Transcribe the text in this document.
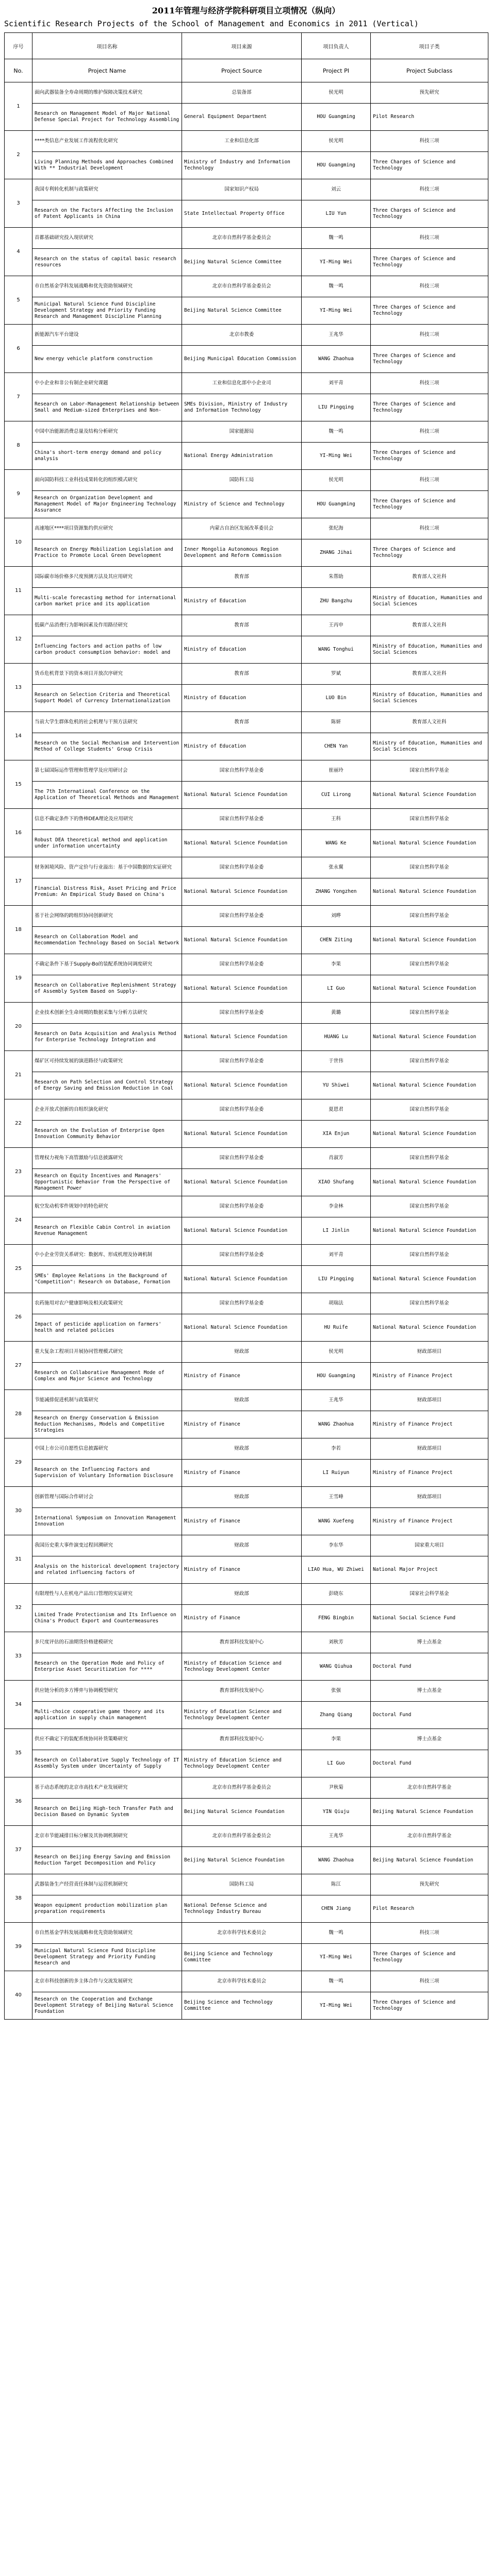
2011年管理与经济学院科研项目立项情况（纵向）
Scientific Research Projects of the School of Management and Economics in 2011 (Vertical)
序号	项目名称	项目来源	项目负责人	项目子类
No.	Project Name	Project Source	Project PI	Project Subclass
1	面向武器装备全寿命周期的维护保障决策技术研究	总装备部	侯光明	预先研究
	Research on Management Model of Major National Defense Special Project for Technology Assembling	General Equipment Department	HOU Guangming	Pilot Research
2	****类信息产业发展工作流程优化研究	工业和信息化部	侯光明	科技三项
	Living Planning Methods and Approaches Combined With ** Industrial Development	Ministry of Industry and Information Technology	HOU Guangming	Three Charges of Science and Technology
3	我国专利转化机制与政策研究	国家知识产权局	刘云	科技三项
	Research on the Factors Affecting the Inclusion of Patent Applicants in China	State Intellectual Property Office	LIU Yun	Three Charges of Science and Technology
4	首都基础研究投入现状研究	北京市自然科学基金委员会	魏一鸣	科技三项
	Research on the status of capital basic research resources	Beijing Natural Science Committee	YI-Ming Wei	Three Charges of Science and Technology
5	市自然基金学科发展战略和优先资助领域研究	北京市自然科学基金委员会	魏一鸣	科技三项
	Municipal Natural Science Fund Discipline Development Strategy and Priority Funding Research and Management Discipline Planning	Beijing Natural Science Committee	YI-Ming Wei	Three Charges of Science and Technology
6	新能源汽车平台建设	北京市教委	王兆华	科技三项
	New energy vehicle platform construction	Beijing Municipal Education Commission	WANG Zhaohua	Three Charges of Science and Technology
7	中小企业和非公有制企业研究课题	工业和信息化部中小企业司	刘平青	科技三项
	Research on Labor-Management Relationship between Small and Medium-sized Enterprises and Non-	SMEs Division, Ministry of Industry and Information Technology	LIU Pingqing	Three Charges of Science and Technology
8	中国中冶能源消费总量及结构分析研究	国家能源局	魏一鸣	科技三项
	China's short-term energy demand and policy analysis	National Energy Administration	YI-Ming Wei	Three Charges of Science and Technology
9	面向国防科技工业科技成果转化的组织模式研究	国防科工局	侯光明	科技三项
	Research on Organization Development and Management Model of Major Engineering Technology Assurance	Ministry of Science and Technology	HOU Guangming	Three Charges of Science and Technology
10	高速地区****项目资源集约供应研究	内蒙古自治区发展改革委员会	张纪海	科技三项
	Research on Energy Mobilization Legislation and Practice to Promote Local Green Development	Inner Mongolia Autonomous Region Development and Reform Commission	ZHANG Jihai	Three Charges of Science and Technology
11	国际碳市场价格多尺度预测方法及其应用研究	教育部	朱帮助	教育部人文社科
	Multi-scale forecasting method for international carbon market price and its application	Ministry of Education	ZHU Bangzhu	Ministry of Education, Humanities and Social Sciences
12	低碳产品消费行为影响因素及作用路径研究	教育部	王丙申	教育部人文社科
	Influencing factors and action paths of low carbon product consumption behavior: model and	Ministry of Education	WANG Tonghui	Ministry of Education, Humanities and Social Sciences
13	货币危机背景下的资本项目开放次序研究	教育部	罗斌	教育部人文社科
	Research on Selection Criteria and Theoretical Support Model of Currency Internationalization	Ministry of Education	LUO Bin	Ministry of Education, Humanities and Social Sciences
14	当前大学生群体危机的社会机理与干预方法研究	教育部	陈妍	教育部人文社科
	Research on the Social Mechanism and Intervention Method of College Students' Group Crisis	Ministry of Education	CHEN Yan	Ministry of Education, Humanities and Social Sciences
15	第七届国际运作管理和管理学及应用研讨会	国家自然科学基金委	崔丽玲	国家自然科学基金
	The 7th International Conference on the Application of Theoretical Methods and Management	National Natural Science Foundation	CUI Lirong	National Natural Science Foundation
16	信息不确定条件下的鲁棒DEA理论及应用研究	国家自然科学基金委	王科	国家自然科学基金
	Robust DEA theoretical method and application under information uncertainty	National Natural Science Foundation	WANG Ke	National Natural Science Foundation
17	财务困境风险、资产定价与行业溢出：基于中国数据的实证研究	国家自然科学基金委	张永翼	国家自然科学基金
	Financial Distress Risk, Asset Pricing and Price Premium: An Empirical Study Based on China's	National Natural Science Foundation	ZHANG Yongzhen	National Natural Science Foundation
18	基于社会网络的跨组织协同创新研究	国家自然科学基金委	刘晔	国家自然科学基金
	Research on Collaboration Model and Recommendation Technology Based on Social Network	National Natural Science Foundation	CHEN Ziting	National Natural Science Foundation
19	不确定条件下基于Supply-Bo的装配系统协同调度研究	国家自然科学基金委	李果	国家自然科学基金
	Research on Collaborative Replenishment Strategy of Assembly System Based on Supply-	National Natural Science Foundation	LI Guo	National Natural Science Foundation
20	企业技术创新全生命周期的数据采集与分析方法研究	国家自然科学基金委	黄璐	国家自然科学基金
	Research on Data Acquisition and Analysis Method for Enterprise Technology Integration and	National Natural Science Foundation	HUANG Lu	National Natural Science Foundation
21	煤矿区可持续发展的演进路径与政策研究	国家自然科学基金委	于世伟	国家自然科学基金
	Research on Path Selection and Control Strategy of Energy Saving and Emission Reduction in Coal	National Natural Science Foundation	YU Shiwei	National Natural Science Foundation
22	企业开放式创新的自组织演化研究	国家自然科学基金委	夏恩君	国家自然科学基金
	Research on the Evolution of Enterprise Open Innovation Community Behavior	National Natural Science Foundation	XIA Enjun	National Natural Science Foundation
23	管理权力视角下高管激励与信息披露研究	国家自然科学基金委	肖淑芳	国家自然科学基金
	Research on Equity Incentives and Managers' Opportunistic Behavior from the Perspective of Management Power	National Natural Science Foundation	XIAO Shufang	National Natural Science Foundation
24	航空发动机零件规划中的特色研究	国家自然科学基金委	李金林	国家自然科学基金
	Research on Flexible Cabin Control in aviation Revenue Management	National Natural Science Foundation	LI Jinlin	National Natural Science Foundation
25	中小企业劳资关系研究：数据库、形成机理及协调机制	国家自然科学基金委	刘平青	国家自然科学基金
	SMEs' Employee Relations in the Background of "Competition": Research on Database, Formation	National Natural Science Foundation	LIU Pingqing	National Natural Science Foundation
26	农药施用对农户健康影响及相关政策研究	国家自然科学基金委	胡瑞法	国家自然科学基金
	Impact of pesticide application on farmers' health and related policies	National Natural Science Foundation	HU Ruife	National Natural Science Foundation
27	重大复杂工程项目开展协同管理模式研究	财政部	侯光明	财政部项目
	Research on Collaborative Management Mode of Complex and Major Science and Technology	Ministry of Finance	HOU Guangming	Ministry of Finance Project
28	节能减排促进机制与政策研究	财政部	王兆华	财政部项目
	Research on Energy Conservation & Emission Reduction Mechanisms, Models and Competitive Strategies	Ministry of Finance	WANG Zhaohua	Ministry of Finance Project
29	中国上市公司自愿性信息披露研究	财政部	李若	财政部项目
	Research on the Influencing Factors and Supervision of Voluntary Information Disclosure	Ministry of Finance	LI Ruiyun	Ministry of Finance Project
30	创新管理与国际合作研讨会	财政部	王雪峰	财政部项目
	International Symposium on Innovation Management Innovation	Ministry of Finance	WANG Xuefeng	Ministry of Finance Project
31	我国历史重大事件演变过程回溯研究	财政部	李东华	国家重大项目
	Analysis on the historical development trajectory and related influencing factors of	Ministry of Finance	LIAO Hua, WU Zhiwei	National Major Project
32	有限理性与人在机电产品出口管理的实证研究	财政部	彭晓东	国家社会科学基金
	Limited Trade Protectionism and Its Influence on China's Product Export and Countermeasures	Ministry of Finance	FENG Bingbin	National Social Science Fund
33	多尺度评估的石油期货价格建模研究	教育部科技发展中心	刘秋芳	博士点基金
	Research on the Operation Mode and Policy of Enterprise Asset Securitization for ****	Ministry of Education Science and Technology Development Center	WANG Qiuhua	Doctoral Fund
34	供应链分析的多方博弈与协调模型研究	教育部科技发展中心	张强	博士点基金
	Multi-choice cooperative game theory and its application in supply chain management	Ministry of Education Science and Technology Development Center	Zhang Qiang	Doctoral Fund
35	供应不确定下的装配系统协同补货策略研究	教育部科技发展中心	李果	博士点基金
	Research on Collaborative Supply Technology of IT Assembly System under Uncertainty of Supply	Ministry of Education Science and Technology Development Center	LI Guo	Doctoral Fund
36	基于动态系统的北京市高技术产业发展研究	北京市自然科学基金委员会	尹秋菊	北京市自然科学基金
	Research on Beijing High-tech Transfer Path and Decision Based on Dynamic System	Beijing Natural Science Foundation	YIN Qiuju	Beijing Natural Science Foundation
37	北京市节能减排目标分解及其协调机制研究	北京市自然科学基金委员会	王兆华	北京市自然科学基金
	Research on Beijing Energy Saving and Emission Reduction Target Decomposition and Policy	Beijing Natural Science Foundation	WANG Zhaohua	Beijing Natural Science Foundation
38	武器装备生产经营责任体制与运营机制研究	国防科工局	陈江	预先研究
	Weapon equipment production mobilization plan preparation requirements	National Defense Science and Technology Industry Bureau	CHEN Jiang	Pilot Research
39	市自然基金学科发展战略和优先资助领域研究	北京市科学技术委员会	魏一鸣	科技三项
	Municipal Natural Science Fund Discipline Development Strategy and Priority Funding Research and	Beijing Science and Technology Committee	YI-Ming Wei	Three Charges of Science and Technology
40	北京市科技创新的多主体合作与交流发展研究	北京市科学技术委员会	魏一鸣	科技三项
	Research on the Cooperation and Exchange Development Strategy of Beijing Natural Science Foundation	Beijing Science and Technology Committee	YI-Ming Wei	Three Charges of Science and Technology
